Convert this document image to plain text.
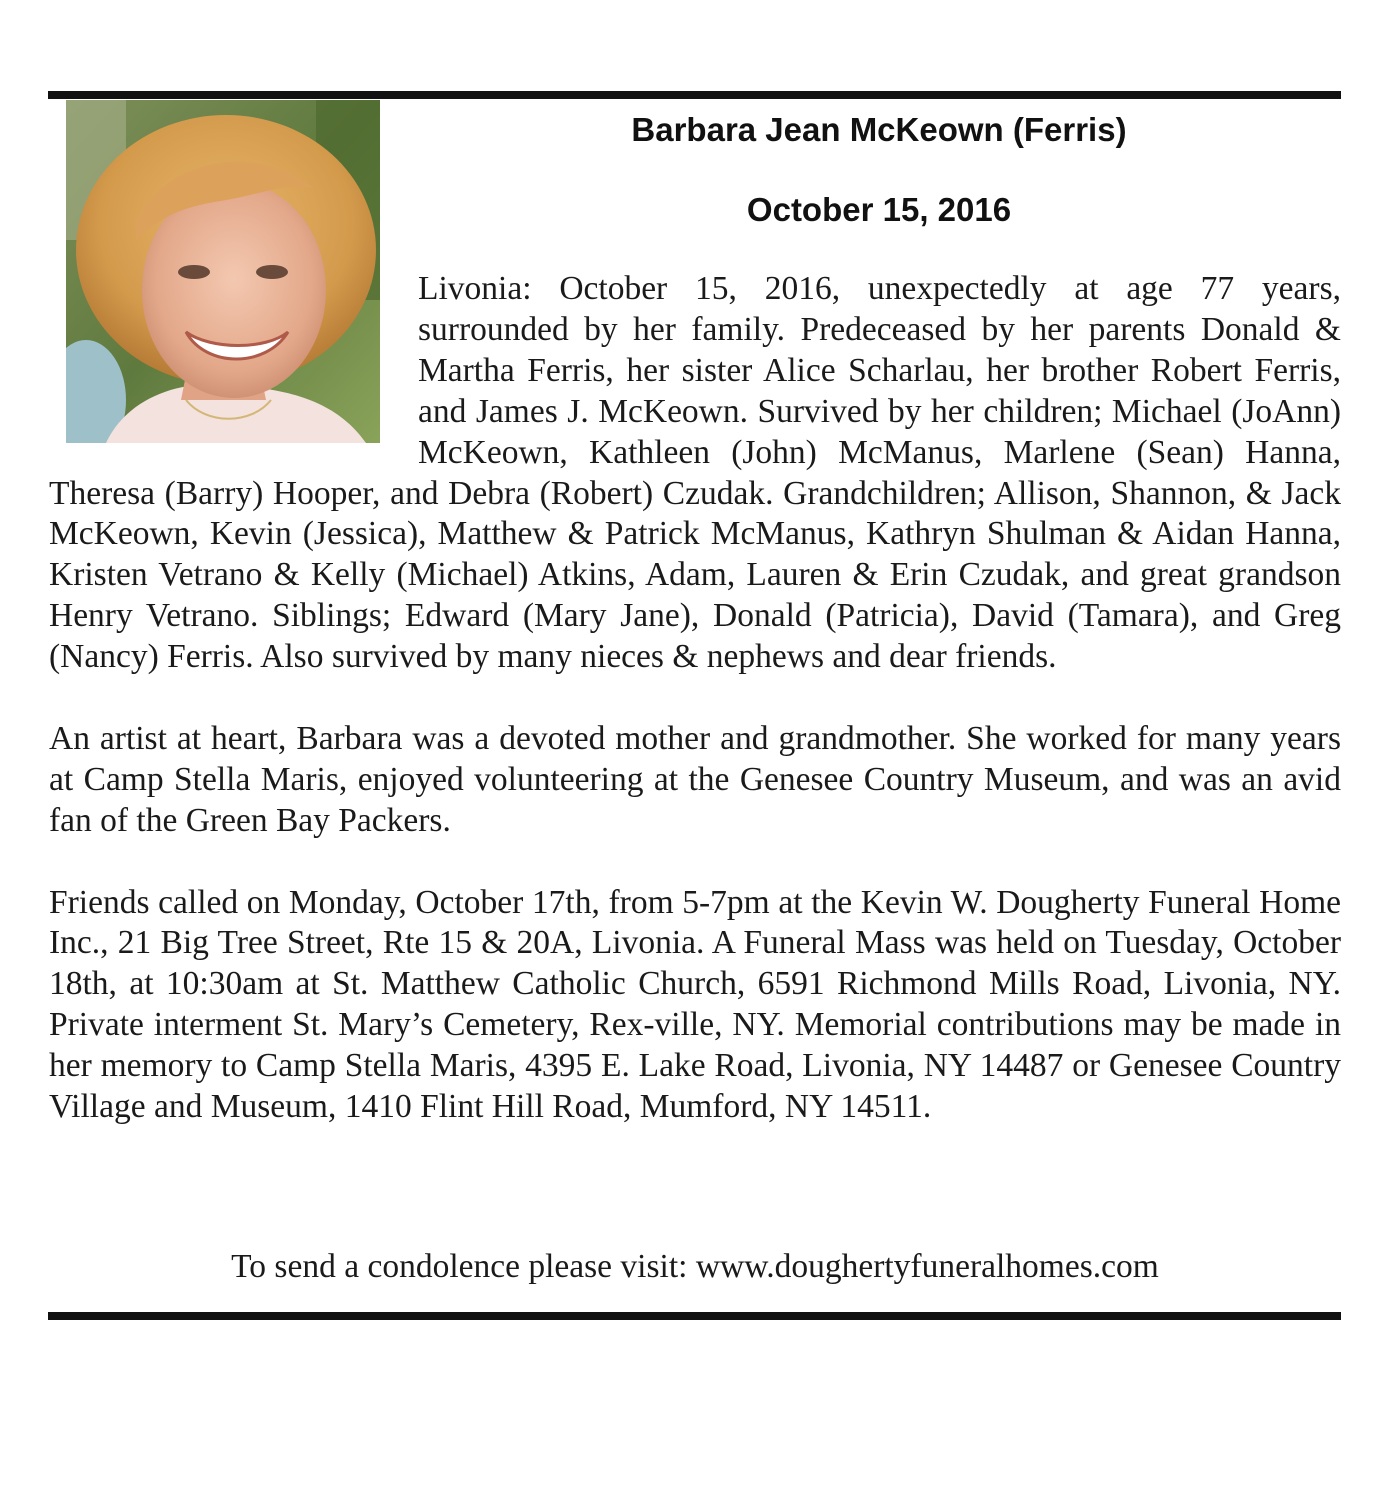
Barbara Jean McKeown (Ferris)
October 15, 2016

Livonia: October 15, 2016, unexpectedly at age 77 years, surrounded by her family. Predeceased by her parents Donald & Martha Ferris, her sister Alice Scharlau, her brother Robert Ferris, and James J. McKeown. Survived by her children; Michael (JoAnn) McKeown, Kathleen (John) McManus, Marlene (Sean) Hanna, Theresa (Barry) Hooper, and Debra (Robert) Czudak. Grandchildren; Allison, Shannon, & Jack McKeown, Kevin (Jessica), Matthew & Patrick McManus, Kathryn Shulman & Aidan Hanna, Kristen Vetrano & Kelly (Michael) Atkins, Adam, Lauren & Erin Czudak, and great grandson Henry Vetrano. Siblings; Edward (Mary Jane), Donald (Patricia), David (Tamara), and Greg (Nancy) Ferris. Also survived by many nieces & nephews and dear friends.

An artist at heart, Barbara was a devoted mother and grandmother. She worked for many years at Camp Stella Maris, enjoyed volunteering at the Genesee Country Museum, and was an avid fan of the Green Bay Packers.

Friends called on Monday, October 17th, from 5-7pm at the Kevin W. Dougherty Funeral Home Inc., 21 Big Tree Street, Rte 15 & 20A, Livonia. A Funeral Mass was held on Tuesday, October 18th, at 10:30am at St. Matthew Catholic Church, 6591 Richmond Mills Road, Livonia, NY. Private interment St. Mary’s Cemetery, Rex-ville, NY. Memorial contributions may be made in her memory to Camp Stella Maris, 4395 E. Lake Road, Livonia, NY 14487 or Genesee Country Village and Museum, 1410 Flint Hill Road, Mumford, NY 14511.

To send a condolence please visit: www.doughertyfuneralhomes.com
